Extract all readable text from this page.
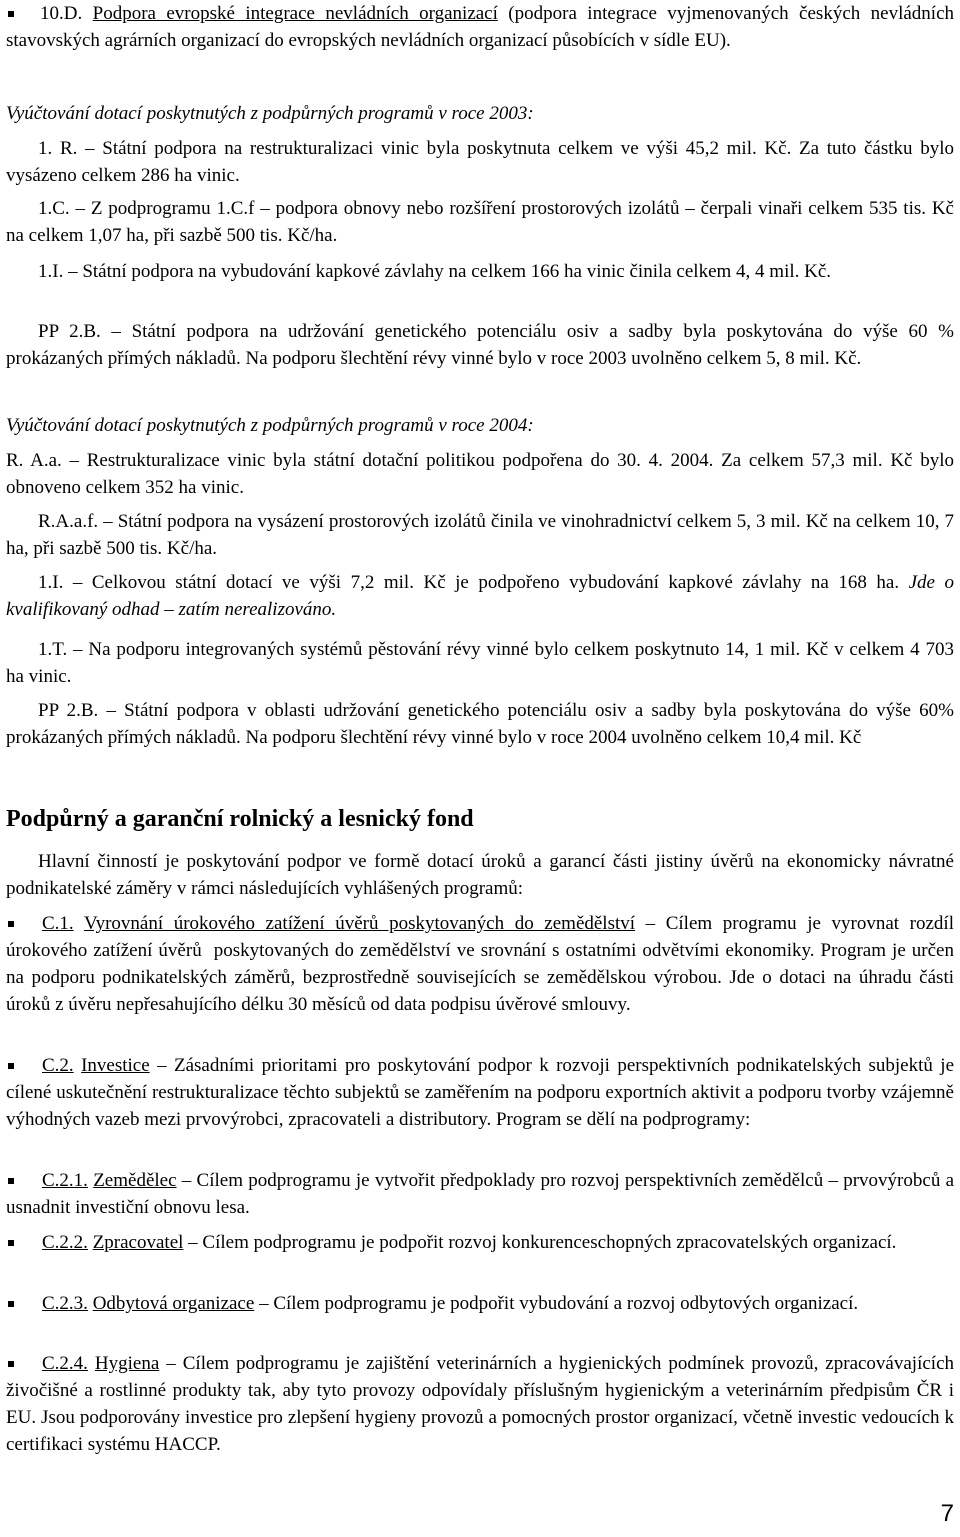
10.D. Podpora evropské integrace nevládních organizací (podpora integrace vyjmenovaných českých nevládních stavovských agrárních organizací do evropských nevládních organizací působících v sídle EU).

Vyúčtování dotací poskytnutých z podpůrných programů v roce 2003:

1. R. – Státní podpora na restrukturalizaci vinic byla poskytnuta celkem ve výši 45,2 mil. Kč. Za tuto částku bylo vysázeno celkem 286 ha vinic.

1.C. – Z podprogramu 1.C.f – podpora obnovy nebo rozšíření prostorových izolátů – čerpali vinaři celkem 535 tis. Kč na celkem 1,07 ha, při sazbě 500 tis. Kč/ha.

1.I. – Státní podpora na vybudování kapkové závlahy na celkem 166 ha vinic činila celkem 4, 4 mil. Kč.

PP 2.B. – Státní podpora na udržování genetického potenciálu osiv a sadby byla poskytována do výše 60 % prokázaných přímých nákladů. Na podporu šlechtění révy vinné bylo v roce 2003 uvolněno celkem 5, 8 mil. Kč.

Vyúčtování dotací poskytnutých z podpůrných programů v roce 2004:

R. A.a. – Restrukturalizace vinic byla státní dotační politikou podpořena do 30. 4. 2004. Za celkem 57,3 mil. Kč bylo obnoveno celkem 352 ha vinic.

R.A.a.f. – Státní podpora na vysázení prostorových izolátů činila ve vinohradnictví celkem 5, 3 mil. Kč na celkem 10, 7 ha, při sazbě 500 tis. Kč/ha.

1.I. – Celkovou státní dotací ve výši 7,2 mil. Kč je podpořeno vybudování kapkové závlahy na 168 ha. Jde o kvalifikovaný odhad – zatím nerealizováno.

1.T. – Na podporu integrovaných systémů pěstování révy vinné bylo celkem poskytnuto 14, 1 mil. Kč v celkem 4 703 ha vinic.

PP 2.B. – Státní podpora v oblasti udržování genetického potenciálu osiv a sadby byla poskytována do výše 60% prokázaných přímých nákladů. Na podporu šlechtění révy vinné bylo v roce 2004 uvolněno celkem 10,4 mil. Kč

Podpůrný a garanční rolnický a lesnický fond

Hlavní činností je poskytování podpor ve formě dotací úroků a garancí části jistiny úvěrů na ekonomicky návratné podnikatelské záměry v rámci následujících vyhlášených programů:

C.1. Vyrovnání úrokového zatížení úvěrů poskytovaných do zemědělství – Cílem programu je vyrovnat rozdíl úrokového zatížení úvěrů  poskytovaných do zemědělství ve srovnání s ostatními odvětvími ekonomiky. Program je určen na podporu podnikatelských záměrů, bezprostředně souvisejících se zemědělskou výrobou. Jde o dotaci na úhradu části úroků z úvěru nepřesahujícího délku 30 měsíců od data podpisu úvěrové smlouvy.

C.2. Investice – Zásadními prioritami pro poskytování podpor k rozvoji perspektivních podnikatelských subjektů je cílené uskutečnění restrukturalizace těchto subjektů se zaměřením na podporu exportních aktivit a podporu tvorby vzájemně výhodných vazeb mezi prvovýrobci, zpracovateli a distributory. Program se dělí na podprogramy:

C.2.1. Zemědělec – Cílem podprogramu je vytvořit předpoklady pro rozvoj perspektivních zemědělců – prvovýrobců a usnadnit investiční obnovu lesa.

C.2.2. Zpracovatel – Cílem podprogramu je podpořit rozvoj konkurenceschopných zpracovatelských organizací.

C.2.3. Odbytová organizace – Cílem podprogramu je podpořit vybudování a rozvoj odbytových organizací.

C.2.4. Hygiena – Cílem podprogramu je zajištění veterinárních a hygienických podmínek provozů, zpracovávajících živočišné a rostlinné produkty tak, aby tyto provozy odpovídaly příslušným hygienickým a veterinárním předpisům ČR i EU. Jsou podporovány investice pro zlepšení hygieny provozů a pomocných prostor organizací, včetně investic vedoucích k certifikaci systému HACCP.

7
